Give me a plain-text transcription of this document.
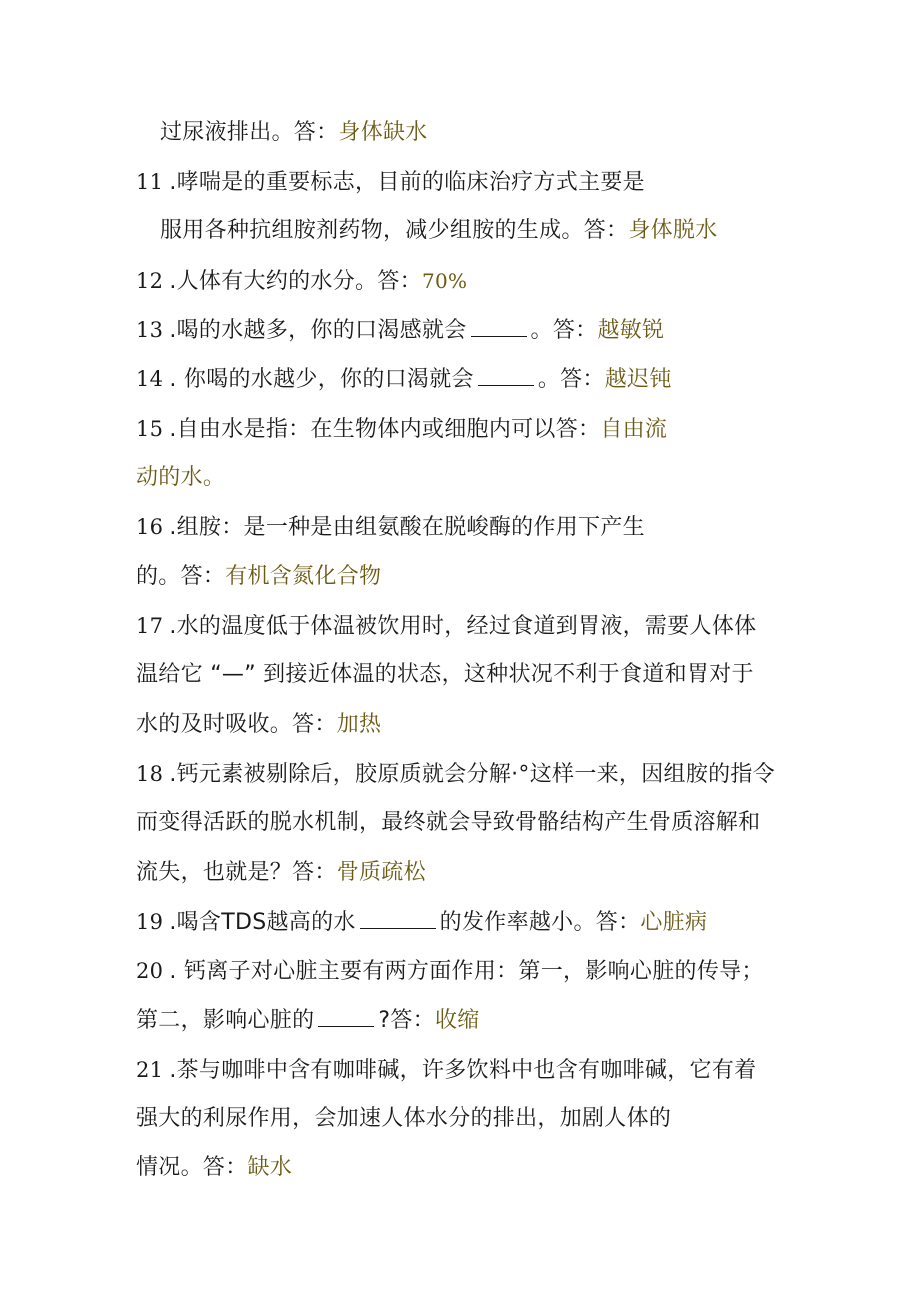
过尿液排出。答：身体缺水
11 .哮喘是的重要标志，目前的临床治疗方式主要是
服用各种抗组胺剂药物，减少组胺的生成。答：身体脱水
12 .人体有大约的水分。答：70%
13 .喝的水越多，你的口渴感就会	。答：越敏锐
14 . 你喝的水越少，你的口渴就会	。答：越迟钝
15 .自由水是指：在生物体内或细胞内可以答：自由流
动的水。
16 .组胺：是一种是由组氨酸在脱峻酶的作用下产生
的。答：有机含氮化合物
17 .水的温度低于体温被饮用时，经过食道到胃液，需要人体体
温给它 “—” 到接近体温的状态，这种状况不利于食道和胃对于
水的及时吸收。答：加热
18 .钙元素被剔除后，胶原质就会分解·°这样一来，因组胺的指令
而变得活跃的脱水机制，最终就会导致骨骼结构产生骨质溶解和
流失，也就是？答：骨质疏松
19 .喝含TDS越高的水	的发作率越小。答：心脏病
20 . 钙离子对心脏主要有两方面作用：第一，影响心脏的传导；
第二，影响心脏的	?答：收缩
21 .茶与咖啡中含有咖啡碱，许多饮料中也含有咖啡碱，它有着
强大的利尿作用，会加速人体水分的排出，加剧人体的
情况。答：缺水
